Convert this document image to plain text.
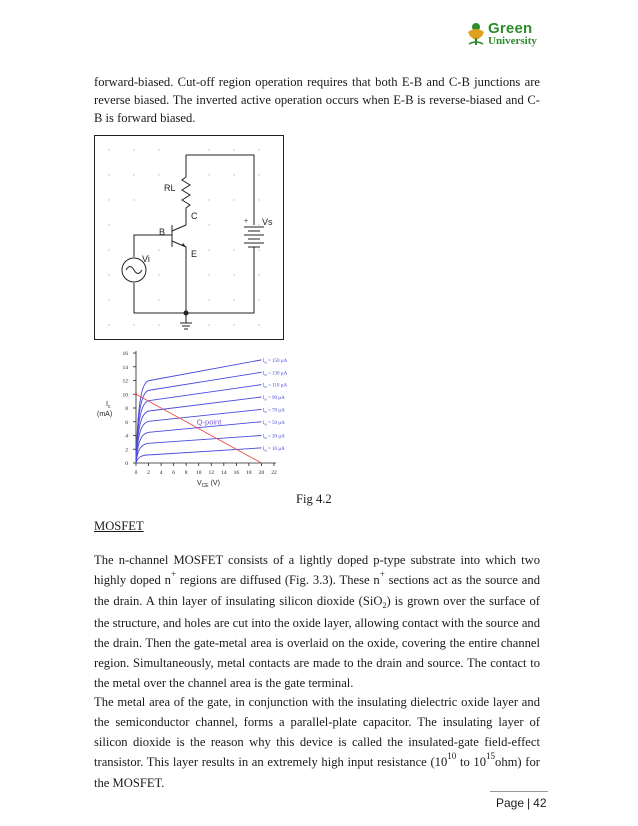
Green
University

forward-biased. Cut-off region operation requires that both E-B and C-B junctions are reverse biased. The inverted active operation occurs when E-B is reverse-biased and C-B is forward biased.

RL
C
B
E
Vi
Vs
+
0 2 4 6 8 10 12 14 16 18 20 22
0
2
4
6
8
10
12
14
16
$I_B = 150$ µA
$I_B = 130$ µA
$I_B = 110$ µA
$I_B = 90$ µA
$I_B = 70$ µA
$I_B = 50$ µA
$I_B = 30$ µA
$I_B = 10$ µA
Q-point
$V_{CE}$ (V)
$I_c$
(mA)
Fig 4.2
MOSFET

The n-channel MOSFET consists of a lightly doped p-type substrate into which two highly doped n+ regions are diffused (Fig. 3.3). These n+ sections act as the source and the drain. A thin layer of insulating silicon dioxide (SiO$_2$) is grown over the surface of the structure, and holes are cut into the oxide layer, allowing contact with the source and the drain. Then the gate-metal area is overlaid on the oxide, covering the entire channel region. Simultaneously, metal contacts are made to the drain and source. The contact to the metal over the channel area is the gate terminal.

The metal area of the gate, in conjunction with the insulating dielectric oxide layer and the semiconductor channel, forms a parallel-plate capacitor. The insulating layer of silicon dioxide is the reason why this device is called the insulated-gate field-effect transistor. This layer results in an extremely high input resistance ($10^{10}$ to $10^{15}ohm$) for the MOSFET.

Page | 42
